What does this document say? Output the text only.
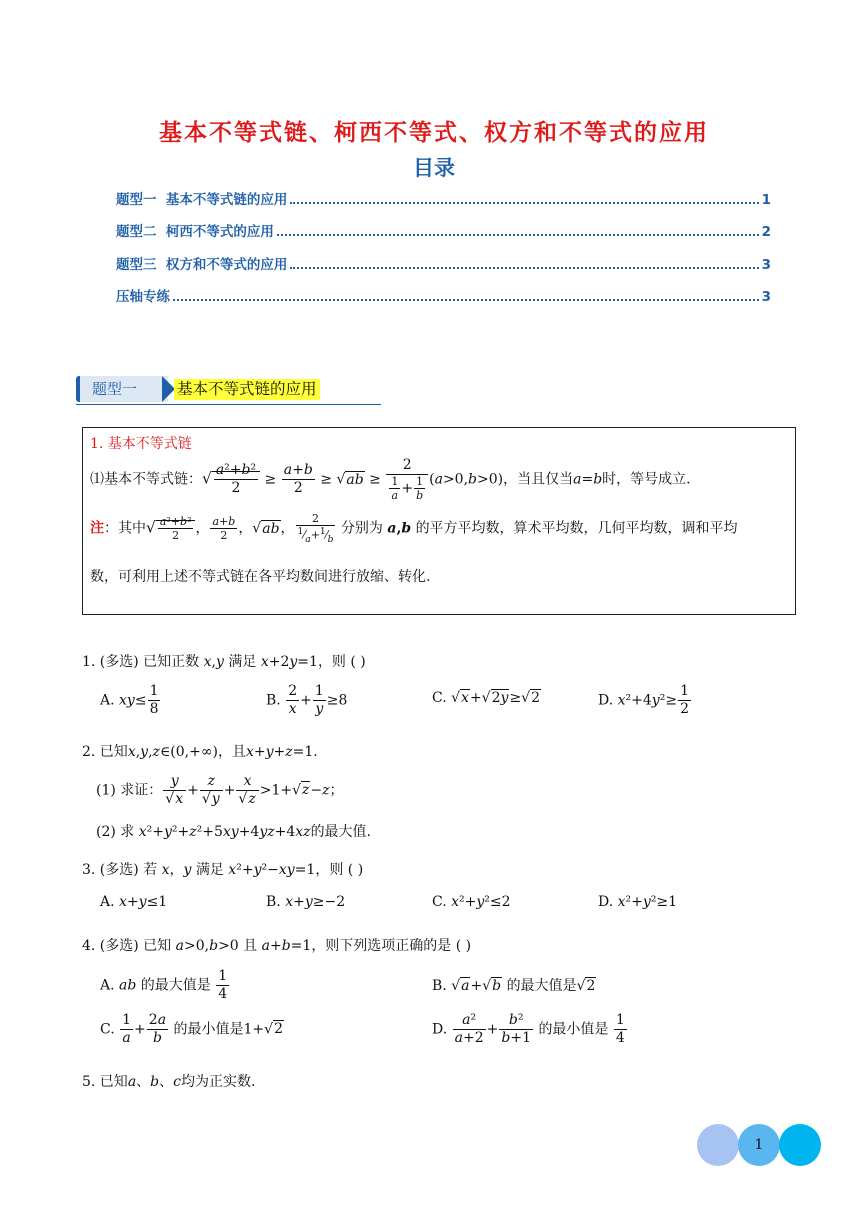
基本不等式链、柯西不等式、权方和不等式的应用
目录
题型一  基本不等式链的应用	1
题型二  柯西不等式的应用	2
题型三  权方和不等式的应用	3
压轴专练	3
题型一	基本不等式链的应用
1. 基本不等式链
⑴基本不等式链：√ $\frac{\text{a²+b²}}{2} \ge \frac{a+b}{2} \ge √ab \ge \frac{2}{\frac{1}{a} + \frac{1}{b}} (a>0,b>0)$，当且仅当a=b时，等号成立.
注：其中√ $\frac{\text{a²+b²}}{2}$ ， $\frac{a+b}{2}$ ，√ab， $\frac{2}{^1⁄_a+^1⁄_b}$ 分别为 a,b 的平方平均数，算术平均数，几何平均数，调和平均
数，可利用上述不等式链在各平均数间进行放缩、转化.
1. (多选) 已知正数 x,y 满足 x+2y=1，则 ( )
A. $xy\le \frac{1}{8}$	B. $\frac{2}{x} + \frac{1}{y} \ge 8$	C. √x+√2y≥√2	D. $x^2+4y^2\ge \frac{1}{2}$
2. 已知x,y,z∈(0,+∞)，且x+y+z=1.
(1) 求证： $\frac{y}{√x} + \frac{z}{√y} + \frac{x}{√z} >1+√z-z$；
(2) 求 x²+y²+z²+5xy+4yz+4xz的最大值.
3. (多选) 若 x，y 满足 x²+y²−xy=1，则 ( )
A. x+y≤1	B. x+y≥−2	C. x²+y²≤2	D. x²+y²≥1
4. (多选) 已知 a>0,b>0 且 a+b=1，则下列选项正确的是 ( )
A. ab 的最大值是 $\frac{1}{4}$	B. √a+√b 的最大值是√2
C. $\frac{1}{a} + \frac{2a}{b}$ 的最小值是1+√2	D. $\frac{\text{a²}}{a+2} + \frac{\text{b²}}{b+1}$ 的最小值是 $\frac{1}{4}$
5. 已知a、b、c均为正实数.
1
